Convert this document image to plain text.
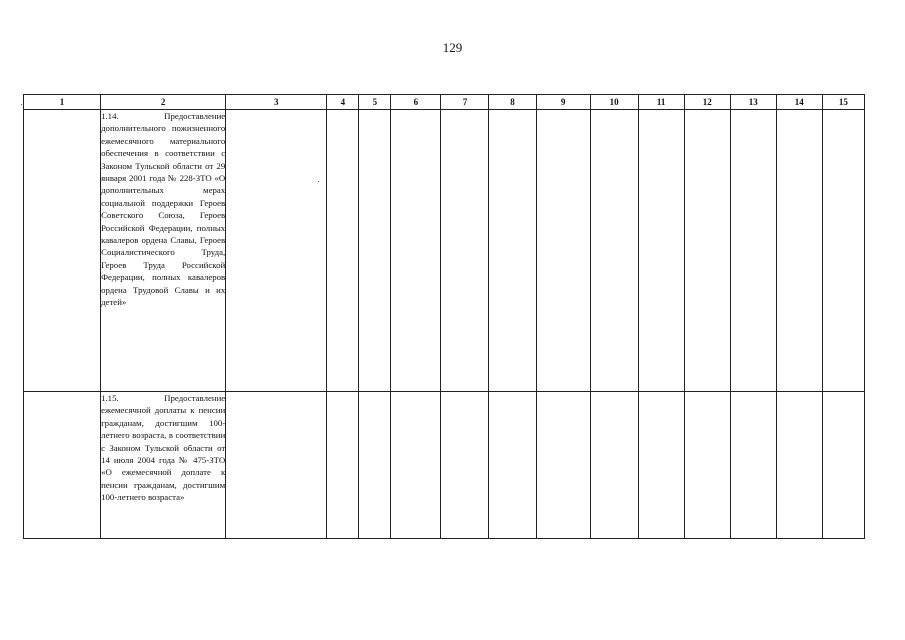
129
1	2	3	4	5	6	7	8	9	10	11	12	13	14	15
	1.14. Предоставление дополнительного пожизненного ежемесячного материального обеспечения в соответствии с Законом Тульской области от 29 января 2001 года № 228-ЗТО «О дополнительных мерах социальной поддержки Героев Советского Союза, Героев Российской Федерации, полных кавалеров ордена Славы, Героев Социалистического Труда, Героев Труда Российской Федерации, полных кавалеров ордена Трудовой Славы и их детей»													
	1.15. Предоставление ежемесячной доплаты к пенсии гражданам, достигшим 100-летнего возраста, в соответствии с Законом Тульской области от 14 июля 2004 года № 475-ЗТО «О ежемесячной доплате к пенсии гражданам, достигшим 100-летнего возраста»													
